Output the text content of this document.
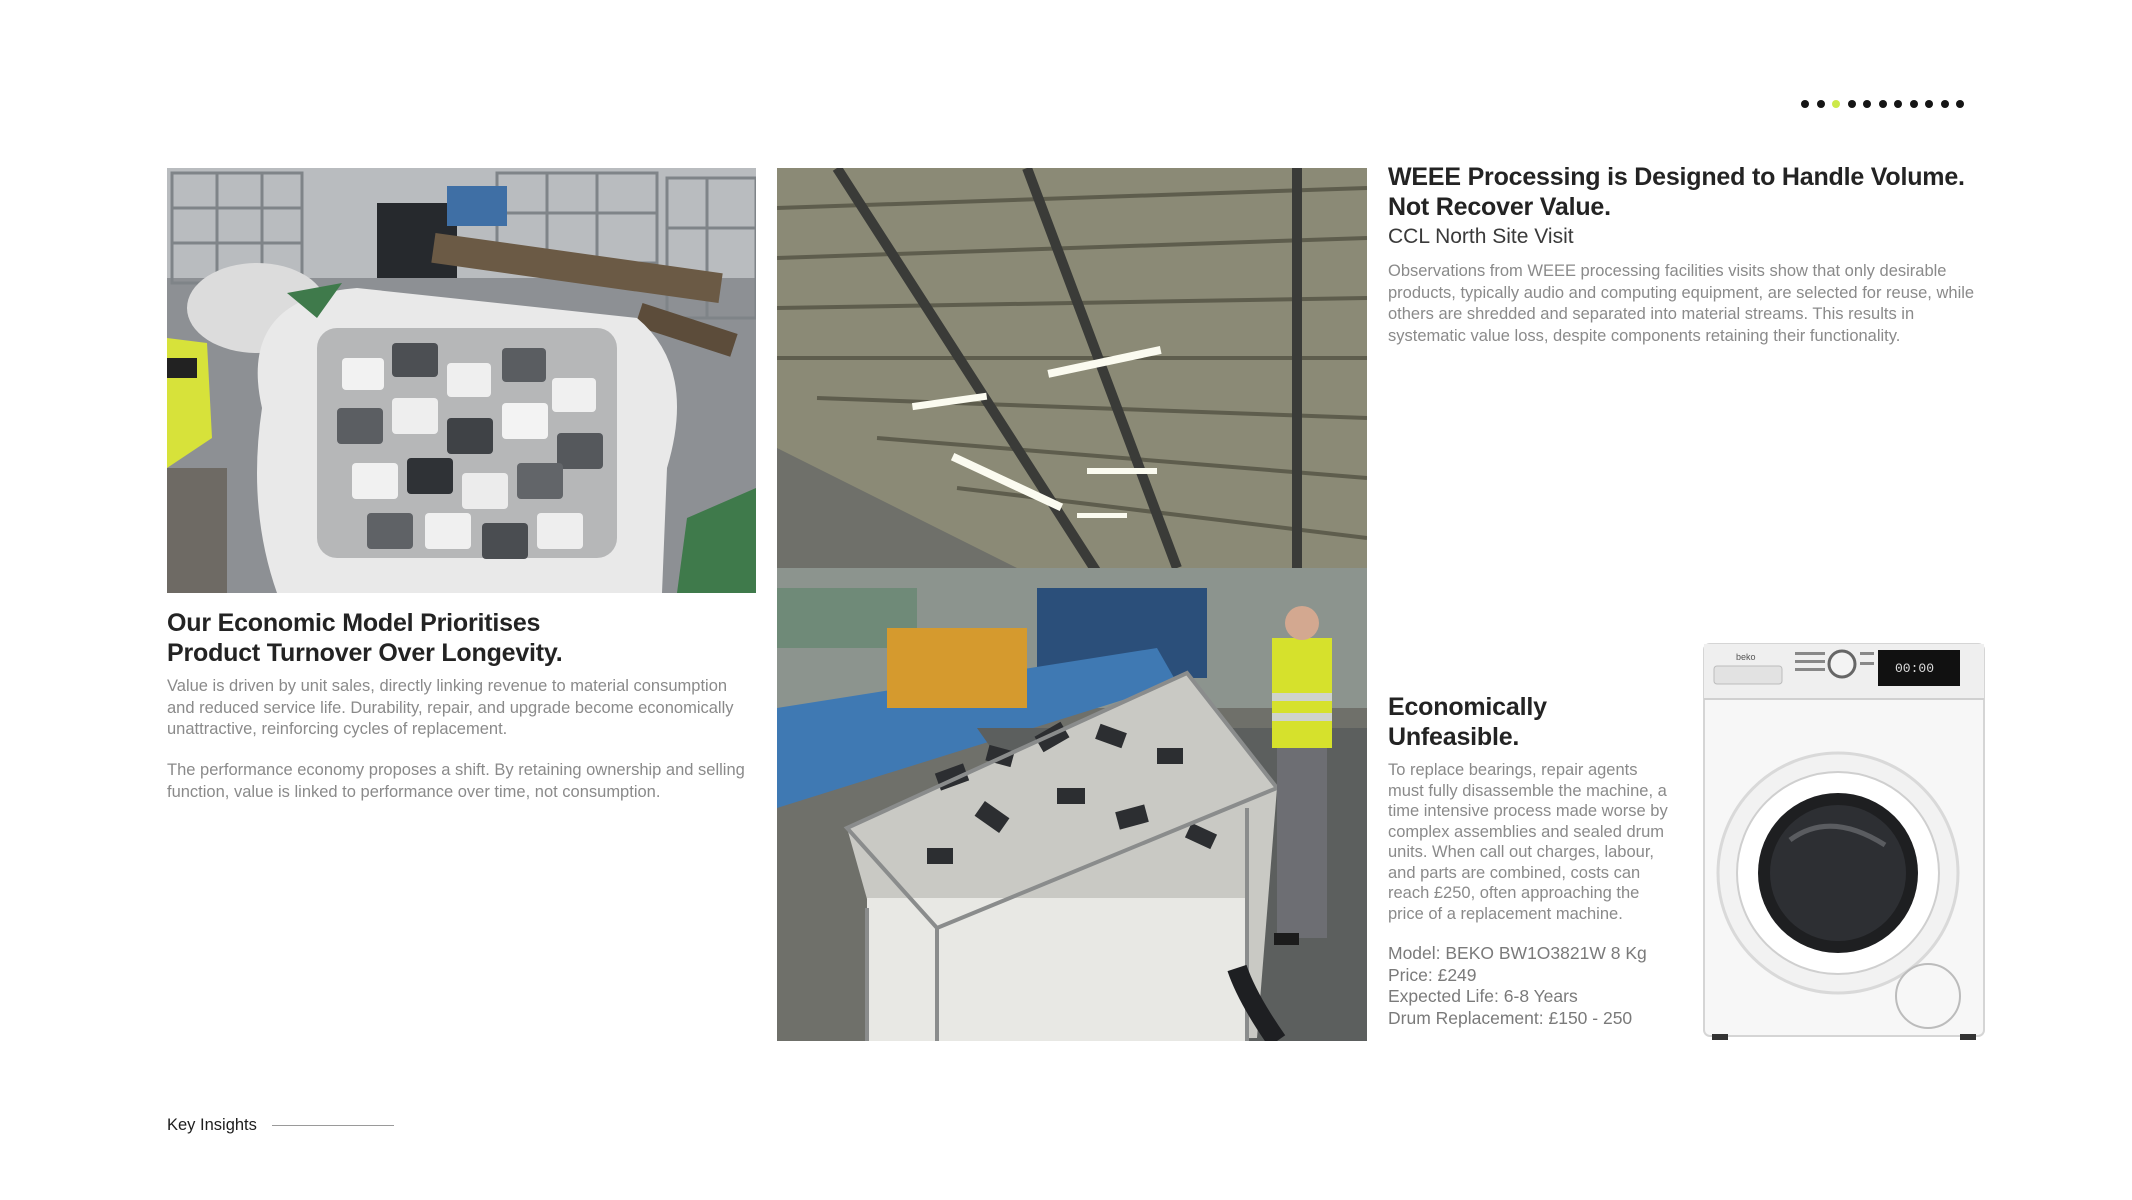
Our Economic Model Prioritises
Product Turnover Over Longevity.
Value is driven by unit sales, directly linking revenue to material consumption and reduced service life. Durability, repair, and upgrade become economically unattractive, reinforcing cycles of replacement.
The performance economy proposes a shift. By retaining ownership and selling function, value is linked to performance over time, not consumption.
WEEE Processing is Designed to Handle Volume.
Not Recover Value.
CCL North Site Visit
Observations from WEEE processing facilities visits show that only desirable products, typically audio and computing equipment, are selected for reuse, while others are shredded and separated into material streams. This results in systematic value loss, despite components retaining their functionality.
Economically
Unfeasible.
To replace bearings, repair agents must fully disassemble the machine, a time intensive process made worse by complex assemblies and sealed drum units. When call out charges, labour, and parts are combined, costs can reach £250, often approaching the price of a replacement machine.
Model: BEKO BW1O3821W 8 Kg
Price: £249
Expected Life: 6-8 Years
Drum Replacement: £150 - 250
beko
00:00
Key Insights
